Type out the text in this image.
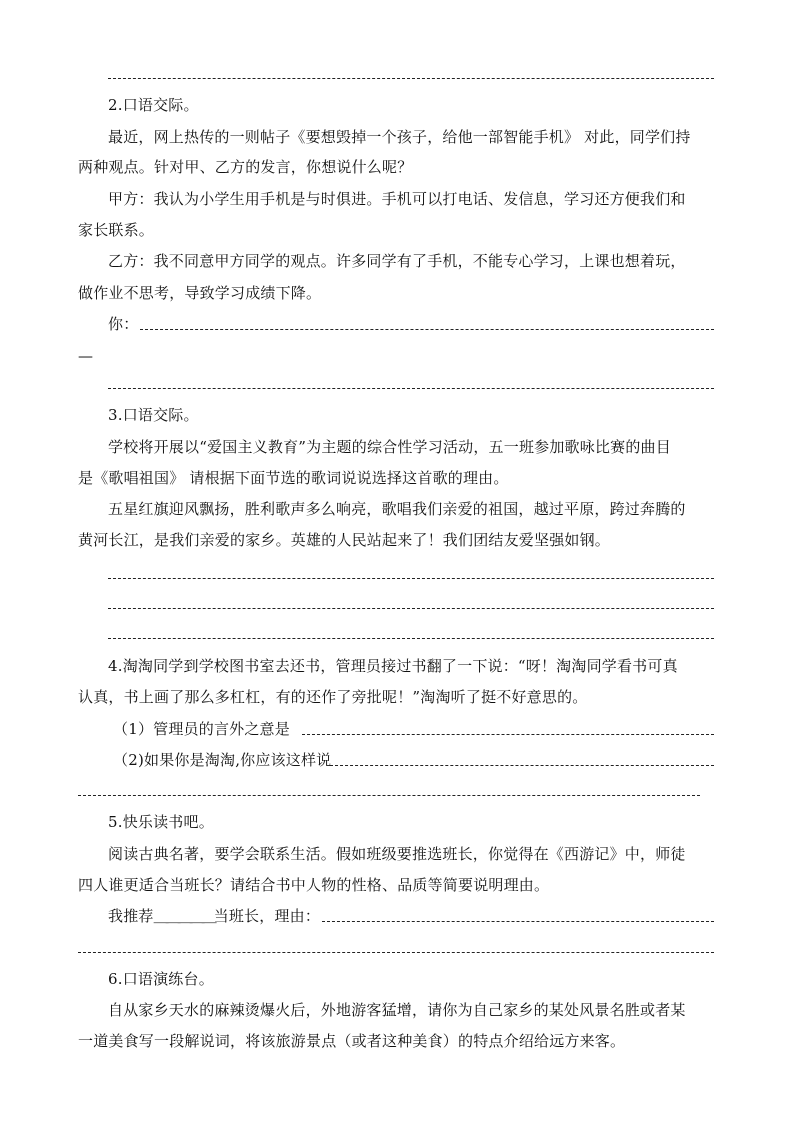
2.口语交际。
最近，网上热传的一则帖子《要想毁掉一个孩子，给他一部智能手机》 对此，同学们持
两种观点。针对甲、乙方的发言，你想说什么呢？
甲方：我认为小学生用手机是与时俱进。手机可以打电话、发信息，学习还方便我们和
家长联系。
乙方：我不同意甲方同学的观点。许多同学有了手机，不能专心学习，上课也想着玩，
做作业不思考，导致学习成绩下降。
你：
—
3.口语交际。
学校将开展以“爱国主义教育”为主题的综合性学习活动，五一班参加歌咏比赛的曲目
是《歌唱祖国》 请根据下面节选的歌词说说选择这首歌的理由。
五星红旗迎风飘扬，胜利歌声多么响亮，歌唱我们亲爱的祖国，越过平原，跨过奔腾的
黄河长江，是我们亲爱的家乡。英雄的人民站起来了！我们团结友爱坚强如钢。
4.淘淘同学到学校图书室去还书，管理员接过书翻了一下说：“呀！淘淘同学看书可真
认真，书上画了那么多杠杠，有的还作了旁批呢！”淘淘听了挺不好意思的。
（1）管理员的言外之意是
（2)如果你是淘淘,你应该这样说
5.快乐读书吧。
阅读古典名著，要学会联系生活。假如班级要推选班长，你觉得在《西游记》中，师徒
四人谁更适合当班长？请结合书中人物的性格、品质等简要说明理由。
我推荐＿＿＿＿＿当班长，理由：
6.口语演练台。
自从家乡天水的麻辣烫爆火后，外地游客猛增，请你为自己家乡的某处风景名胜或者某
一道美食写一段解说词，将该旅游景点（或者这种美食）的特点介绍给远方来客。
